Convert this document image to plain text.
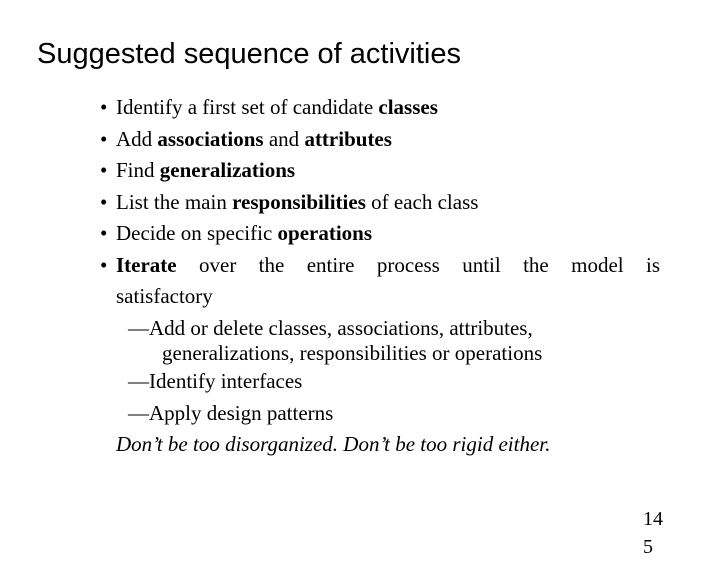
Suggested sequence of activities
• Identify a first set of candidate classes
• Add associations and attributes
• Find generalizations
• List the main responsibilities of each class
• Decide on specific operations
• Iterate over the entire process until the model is
satisfactory
—Add or delete classes, associations, attributes,
generalizations, responsibilities or operations
—Identify interfaces
—Apply design patterns
Don’t be too disorganized. Don’t be too rigid either.
14
5
